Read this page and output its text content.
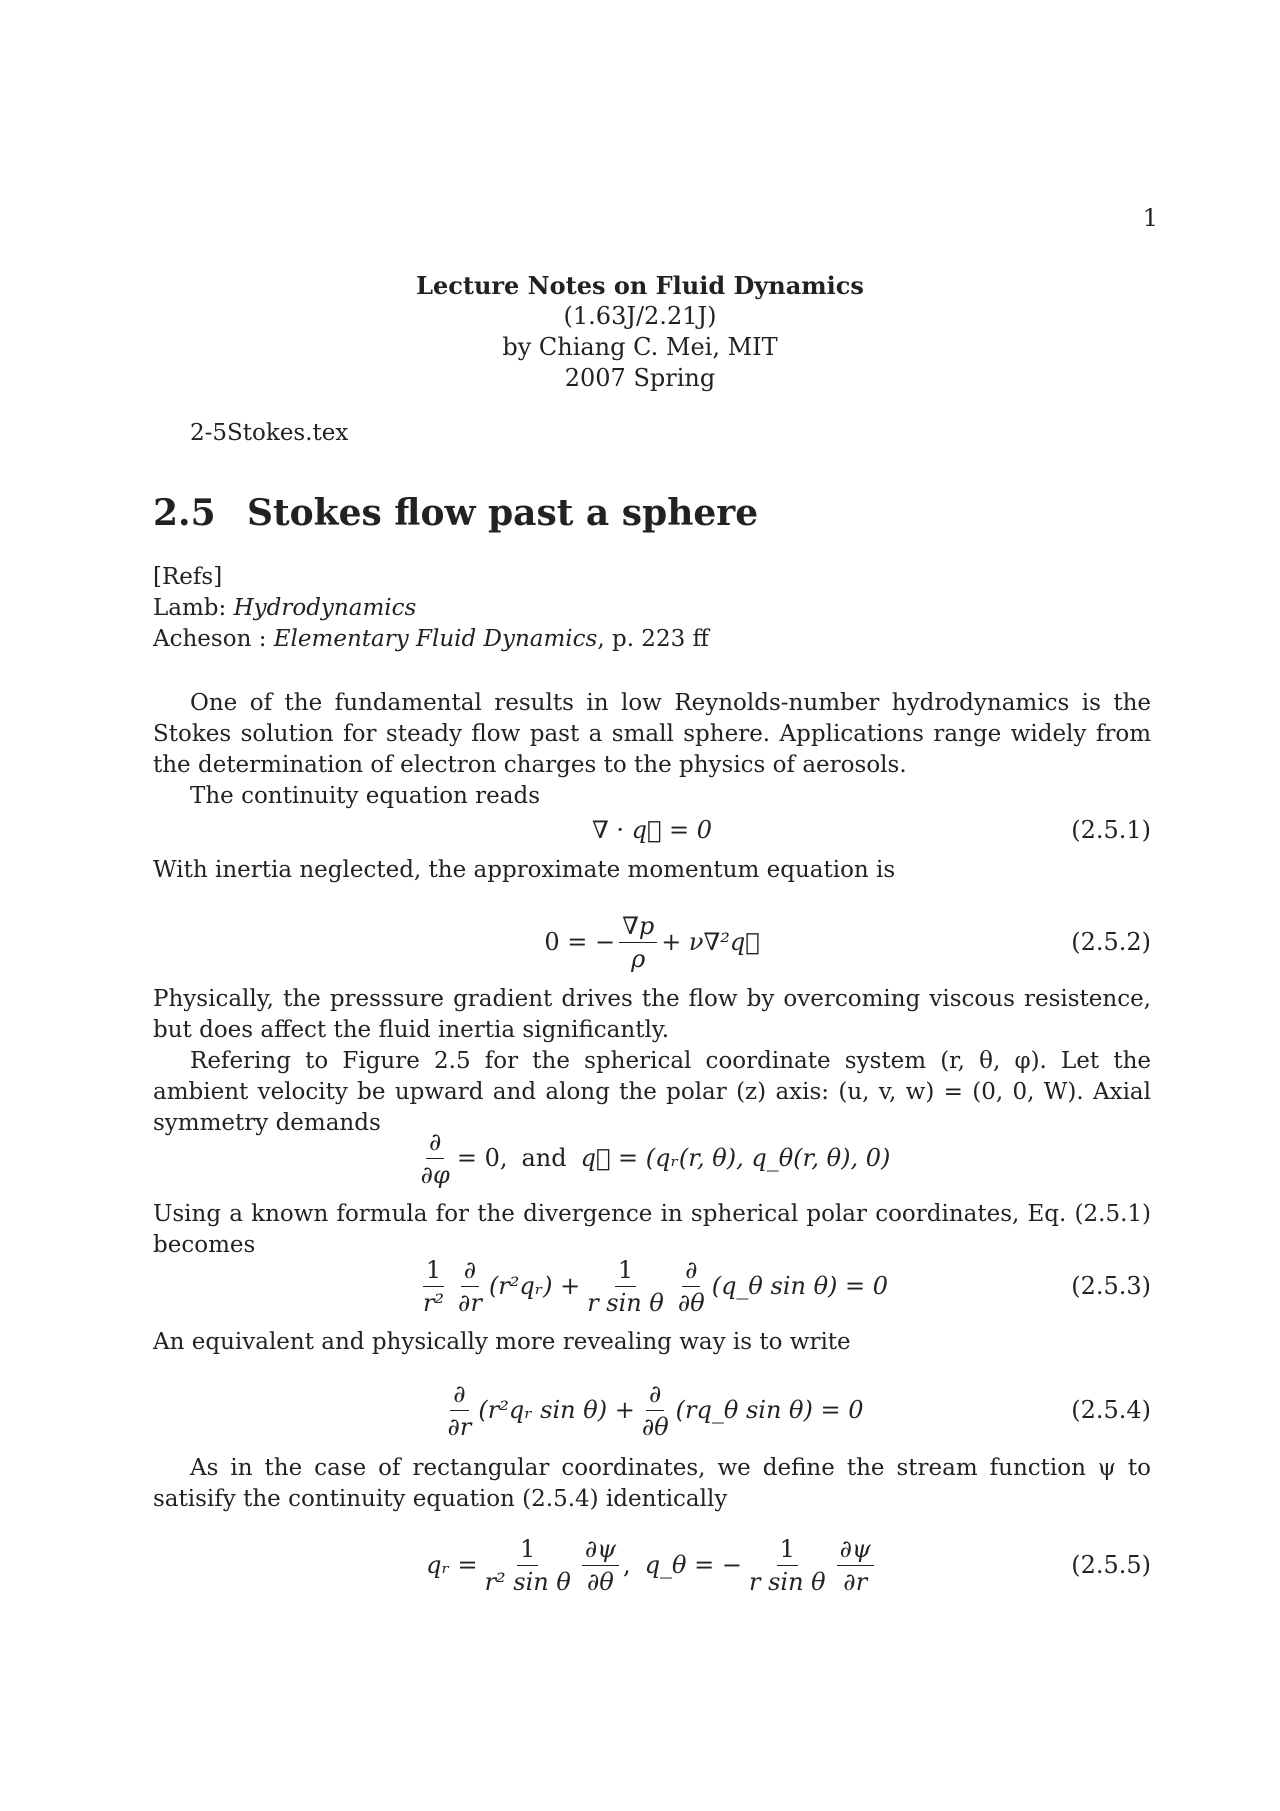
1
Lecture Notes on Fluid Dynamics
(1.63J/2.21J)
by Chiang C. Mei, MIT
2007 Spring
2-5Stokes.tex
2.5 Stokes flow past a sphere
[Refs]
Lamb: Hydrodynamics
Acheson : Elementary Fluid Dynamics, p. 223 ff
One of the fundamental results in low Reynolds-number hydrodynamics is the Stokes solution for steady flow past a small sphere. Applications range widely from the determination of electron charges to the physics of aerosols.
The continuity equation reads
∇ · q⃗ = 0	(2.5.1)
With inertia neglected, the approximate momentum equation is
0 = − $\frac{\nabla p}{\rho}$ + ν∇²q⃗	(2.5.2)
Physically, the presssure gradient drives the flow by overcoming viscous resistence, but does affect the fluid inertia significantly.
Refering to Figure 2.5 for the spherical coordinate system (r, θ, φ). Let the ambient velocity be upward and along the polar (z) axis: (u, v, w) = (0, 0, W). Axial symmetry demands
$\frac{\partial}{\partial\varphi} = 0$, and q⃗ = (qᵣ(r, θ), q_θ(r, θ), 0)
Using a known formula for the divergence in spherical polar coordinates, Eq. (2.5.1) becomes
$\frac{1}{\text{r²}} \frac{\partial}{\partial r}$ (r²qᵣ) + $\frac{1}{\text{r sin θ}} \frac{\partial}{\partial\theta}$ (q_θ sin θ) = 0	(2.5.3)
An equivalent and physically more revealing way is to write
$\frac{\partial}{\partial r}$ (r²qᵣ $\sin \theta) + \frac{\partial}{\partial\theta}$ (rq_θ sin θ) = 0	(2.5.4)
As in the case of rectangular coordinates, we define the stream function ψ to satisify the continuity equation (2.5.4) identically
qᵣ = $\frac{1}{\text{r² sin θ}} \frac{\partial\psi}{\partial\theta}$ , q_θ = − $\frac{1}{\text{r sin θ}} \frac{\partial\psi}{\partial r}$	(2.5.5)
